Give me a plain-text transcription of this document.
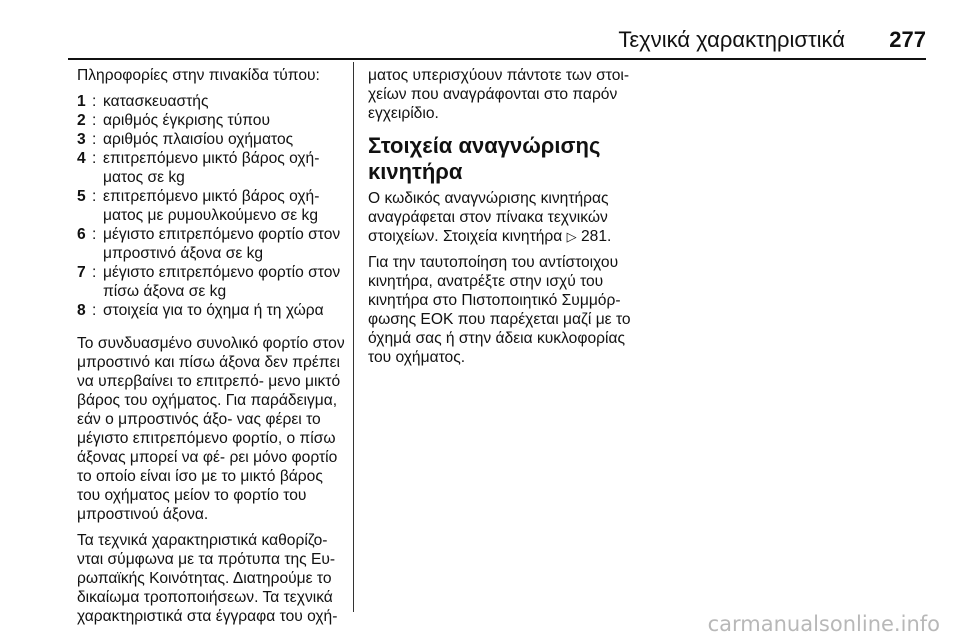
Τεχνικά χαρακτηριστικά 277

Πληροφορίες στην πινακίδα τύπου:

1 : κατασκευαστής
2 : αριθμός έγκρισης τύπου
3 : αριθμός πλαισίου οχήματος
4 : επιτρεπόμενο μικτό βάρος οχή‐ ματος σε kg
5 : επιτρεπόμενο μικτό βάρος οχή‐ ματος με ρυμουλκούμενο σε kg
6 : μέγιστο επιτρεπόμενο φορτίο στον μπροστινό άξονα σε kg
7 : μέγιστο επιτρεπόμενο φορτίο στον πίσω άξονα σε kg
8 : στοιχεία για το όχημα ή τη χώρα

Το συνδυασμένο συνολικό φορτίο στον μπροστινό και πίσω άξονα δεν πρέπει να υπερβαίνει το επιτρεπό‐ μενο μικτό βάρος του οχήματος. Για παράδειγμα, εάν ο μπροστινός άξο‐ νας φέρει το μέγιστο επιτρεπόμενο φορτίο, ο πίσω άξονας μπορεί να φέ‐ ρει μόνο φορτίο το οποίο είναι ίσο με το μικτό βάρος του οχήματος μείον το φορτίο του μπροστινού άξονα.

Τα τεχνικά χαρακτηριστικά καθορίζο‐ νται σύμφωνα με τα πρότυπα της Ευ‐ ρωπαϊκής Κοινότητας. Διατηρούμε το δικαίωμα τροποποιήσεων. Τα τεχνικά χαρακτηριστικά στα έγγραφα του οχή‐

ματος υπερισχύουν πάντοτε των στοι‐ χείων που αναγράφονται στο παρόν εγχειρίδιο.

Στοιχεία αναγνώρισης κινητήρα

Ο κωδικός αναγνώρισης κινητήρας αναγράφεται στον πίνακα τεχνικών στοιχείων. Στοιχεία κινητήρα ▷ 281.

Για την ταυτοποίηση του αντίστοιχου κινητήρα, ανατρέξτε στην ισχύ του κινητήρα στο Πιστοποιητικό Συμμόρ‐ φωσης ΕΟΚ που παρέχεται μαζί με το όχημά σας ή στην άδεια κυκλοφορίας του οχήματος.

carmanualsonline.info
